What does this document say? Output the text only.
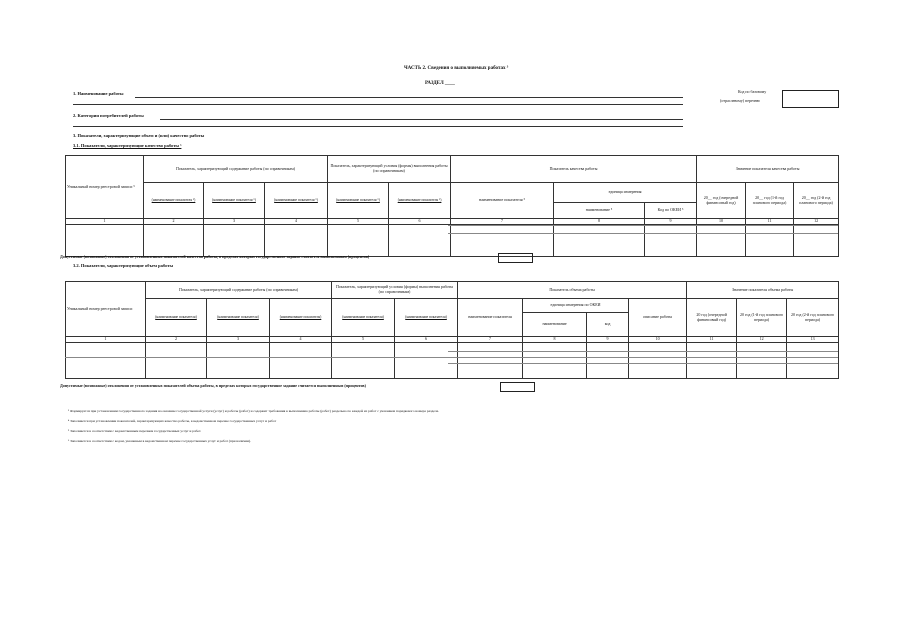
ЧАСТЬ 2. Сведения о выполняемых работах ³
РАЗДЕЛ ____
1. Наименование работы	Код по базовому
(отраслевому) перечню
2. Категории потребителей работы
3. Показатели, характеризующие объем и (или) качество работы
3.1. Показатели, характеризующие качество работы ⁵
Уникальный номер реестровой записи ⁵	Показатель, характеризующий содержание работы (по справочникам)			Показатель, характеризующий условия (формы) выполнения работы (по справочникам)		Показатель качества работы			Значение показателя качества работы		
	(наименование показателя ⁵)	(наименование показателя ⁵)	(наименование показателя ⁵)	(наименование показателя ⁵)	(наименование показателя ⁵)	наименование показателя ⁵	единица измерения		20__ год (очередной финансовый год)	20__ год (1-й год планового периода)	20__ год (2-й год планового периода)
							наименование ⁵	Код по ОКЕИ ⁵			
1	2	3	4	5	6	7	8	9	10	11	12

Допустимые (возможные) отклонения от установленных показателей качества работы, в пределах которых государственное задание считается выполненным (процентов)
3.2. Показатели, характеризующие объем работы
Уникальный номер реестровой записи	Показатель, характеризующий содержание работы (по справочникам)			Показатель, характеризующий условия (формы) выполнения работы (по справочникам)		Показатель объема работы				Значение показателя объема работы		
	(наименование показателя)	(наименование показателя)	(наименование показателя)	(наименование показателя)	(наименование показателя)	наименование показателя	единица измерения по ОКЕИ		описание работы	20 год (очередной финансовый год)	20 год (1-й год планового периода)	20 год (2-й год планового периода)
							наименование	код				
1	2	3	4	5	6	7	8	9	10	11	12	13

Допустимые (возможные) отклонения от установленных показателей объема работы, в пределах которых государственное задание считается выполненным (процентов)
³ Формируется при установлении государственного задания на оказание государственной услуги (услуг) и работы (работ) и содержит требования к выполнению работы (работ) раздельно по каждой из работ с указанием порядкового номера раздела.
⁴ Заполняется при установлении показателей, характеризующих качество работы, в ведомственном перечне государственных услуг и работ
⁵ Заполняется в соответствии с ведомственным перечнем государственных услуг и работ.
⁶ Заполняется в соответствии с кодом, указанным в ведомственном перечне государственных услуг и работ (при наличии).
